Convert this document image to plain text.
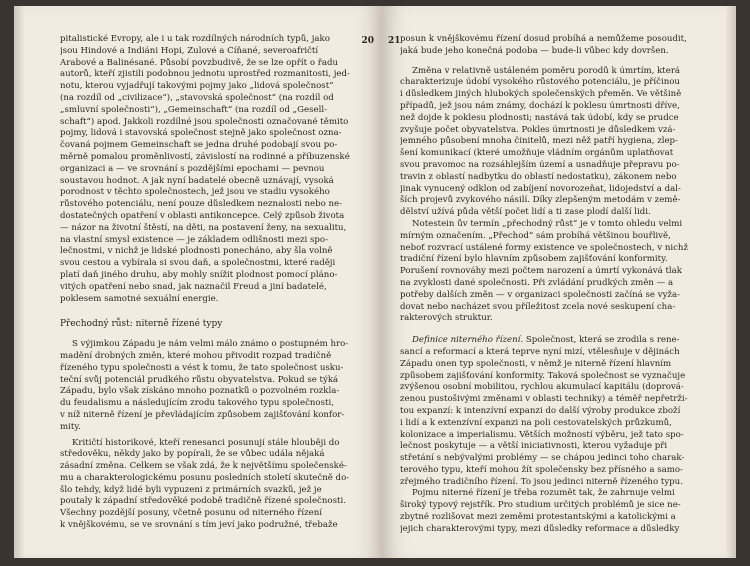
20
pitalistické Evropy, ale i u tak rozdílných národních typů, jako
jsou Hindové a Indiáni Hopi, Zulové a Číňané, severoafričtí
Arabové a Balinésané. Působí povzbudivě, že se lze opřít o řadu
autorů, kteří zjistili podobnou jednotu uprostřed rozmanitosti, jed-
notu, kterou vyjadřují takovými pojmy jako „lidová společnost“
(na rozdíl od „civilizace“), „stavovská společnost“ (na rozdíl od
„smluvní společnosti“), „Gemeinschaft“ (na rozdíl od „Gesell-
schaft“) apod. Jakkoli rozdílné jsou společnosti označované těmito
pojmy, lidová i stavovská společnost stejně jako společnost ozna-
čovaná pojmem Gemeinschaft se jedna druhé podobají svou po-
měrně pomalou proměnlivostí, závislostí na rodinné a příbuzenské
organizaci a — ve srovnání s pozdějšími epochami — pevnou
soustavou hodnot. A jak nyní badatelé obecně uznávají, vysoká
porodnost v těchto společnostech, jež jsou ve stadiu vysokého
růstového potenciálu, není pouze důsledkem neznalosti nebo ne-
dostatečných opatření v oblasti antikoncepce. Celý způsob života
— názor na životní štěstí, na děti, na postavení ženy, na sexualitu,
na vlastní smysl existence — je základem odlišnosti mezi spo-
lečnostmi, v nichž je lidské plodnosti ponecháno, aby šla volně
svou cestou a vybírala si svou daň, a společnostmi, které raději
platí daň jiného druhu, aby mohly snížit plodnost pomocí pláno-
vitých opatření nebo snad, jak naznačil Freud a jiní badatelé,
poklesem samotné sexuální energie.
Přechodný růst: niterně řízené typy
S výjimkou Západu je nám velmi málo známo o postupném hro-
madění drobných změn, které mohou přivodit rozpad tradičně
řízeného typu společnosti a vést k tomu, že tato společnost usku-
teční svůj potenciál prudkého růstu obyvatelstva. Pokud se týká
Západu, bylo však získáno mnoho poznatků o pozvolném rozkla-
du feudalismu a následujícím zrodu takového typu společnosti,
v níž niterně řízení je převládajícím způsobem zajišťování konfor-
mity.
Kritičtí historikové, kteří renesanci posunují stále hlouběji do
středověku, někdy jako by popírali, že se vůbec udála nějaká
zásadní změna. Celkem se však zdá, že k největšímu společenské-
mu a charakterologickému posunu posledních století skutečně do-
šlo tehdy, když lidé byli vypuzeni z primárních svazků, jež je
poutaly k západní středověké podobě tradičně řízené společnosti.
Všechny pozdější posuny, včetně posunu od niterného řízení
k vnějškovému, se ve srovnání s tím jeví jako podružné, třebaže
21 posun k vnějškovému řízení dosud probíhá a nemůžeme posoudit,
jaká bude jeho konečná podoba — bude-li vůbec kdy dovršen.
Změna v relativně ustáleném poměru porodů k úmrtím, která
charakterizuje údobí vysokého růstového potenciálu, je příčinou
i důsledkem jiných hlubokých společenských přeměn. Ve většině
případů, jež jsou nám známy, dochází k poklesu úmrtnosti dříve,
než dojde k poklesu plodnosti; nastává tak údobí, kdy se prudce
zvyšuje počet obyvatelstva. Pokles úmrtnosti je důsledkem vzá-
jemného působení mnoha činitelů, mezi něž patří hygiena, zlep-
šení komunikací (které umožňuje vládním orgánům uplatňovat
svou pravomoc na rozsáhlejším území a usnadňuje přepravu po-
travin z oblastí nadbytku do oblastí nedostatku), zákonem nebo
jinak vynucený odklon od zabíjení novorozeňat, lidojedství a dal-
ších projevů zvykového násilí. Díky zlepšeným metodám v země-
dělství užívá půda větší počet lidí a ti zase plodí další lidi.
Notestein ův termín „přechodný růst“ je v tomto ohledu velmi
mírným označením. „Přechod“ sám probíhá většinou bouřlivě,
neboť rozvrací ustálené formy existence ve společnostech, v nichž
tradiční řízení bylo hlavním způsobem zajišťování konformity.
Porušení rovnováhy mezi počtem narození a úmrtí vykonává tlak
na zvyklosti dané společnosti. Při zvládání prudkých změn — a
potřeby dalších změn — v organizaci společnosti začíná se vyža-
dovat nebo nacházet svou příležitost zcela nové seskupení cha-
rakterových struktur.
Definice niterného řízení. Společnost, která se zrodila s rene-
sancí a reformací a která teprve nyní mizí, vtělesňuje v dějinách
Západu onen typ společnosti, v němž je niterně řízení hlavním
způsobem zajišťování konformity. Taková společnost se vyznačuje
zvýšenou osobní mobilitou, rychlou akumulací kapitálu (doprová-
zenou pustošivými změnami v oblasti techniky) a téměř nepřetrži-
tou expanzí: k intenzívní expanzi do další výroby produkce zboží
i lidí a k extenzívní expanzi na poli cestovatelských průzkumů,
kolonizace a imperialismu. Větších možností výběru, jež tato spo-
lečnost poskytuje — a větší iniciativnosti, kterou vyžaduje při
střetání s nebývalými problémy — se chápou jedinci toho charak-
terového typu, kteří mohou žít společensky bez přísného a samo-
zřejmého tradičního řízení. To jsou jedinci niterně řízeného typu.
Pojmu niterné řízení je třeba rozumět tak, že zahrnuje velmi
široký typový rejstřík. Pro studium určitých problémů je sice ne-
zbytné rozlišovat mezi zeměmi protestantskými a katolickými a
jejich charakterovými typy, mezi důsledky reformace a důsledky
